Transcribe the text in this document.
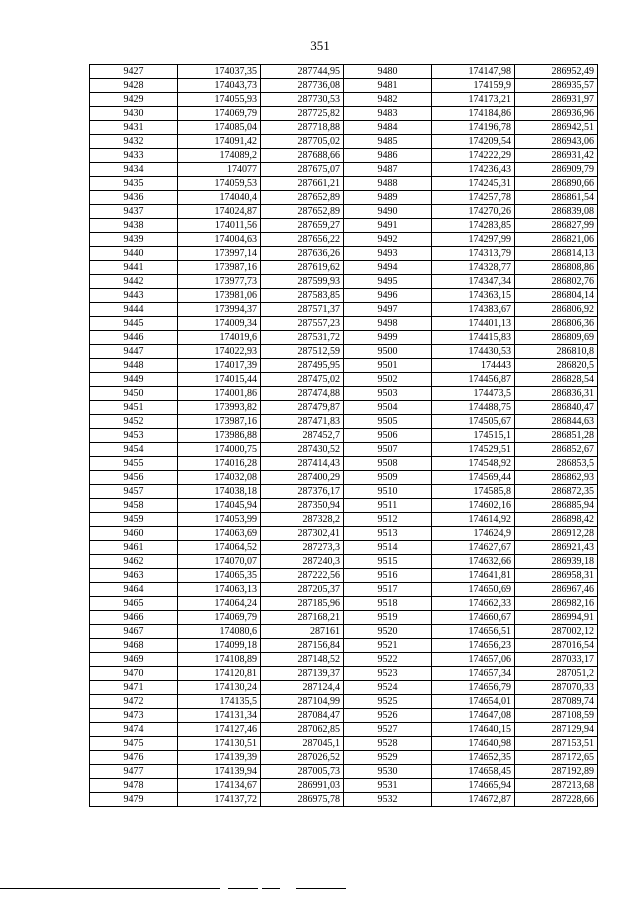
351
9427	174037,35	287744,95	9480	174147,98	286952,49
9428	174043,73	287736,08	9481	174159,9	286935,57
9429	174055,93	287730,53	9482	174173,21	286931,97
9430	174069,79	287725,82	9483	174184,86	286936,96
9431	174085,04	287718,88	9484	174196,78	286942,51
9432	174091,42	287705,02	9485	174209,54	286943,06
9433	174089,2	287688,66	9486	174222,29	286931,42
9434	174077	287675,07	9487	174236,43	286909,79
9435	174059,53	287661,21	9488	174245,31	286890,66
9436	174040,4	287652,89	9489	174257,78	286861,54
9437	174024,87	287652,89	9490	174270,26	286839,08
9438	174011,56	287659,27	9491	174283,85	286827,99
9439	174004,63	287656,22	9492	174297,99	286821,06
9440	173997,14	287636,26	9493	174313,79	286814,13
9441	173987,16	287619,62	9494	174328,77	286808,86
9442	173977,73	287599,93	9495	174347,34	286802,76
9443	173981,06	287583,85	9496	174363,15	286804,14
9444	173994,37	287571,37	9497	174383,67	286806,92
9445	174009,34	287557,23	9498	174401,13	286806,36
9446	174019,6	287531,72	9499	174415,83	286809,69
9447	174022,93	287512,59	9500	174430,53	286810,8
9448	174017,39	287495,95	9501	174443	286820,5
9449	174015,44	287475,02	9502	174456,87	286828,54
9450	174001,86	287474,88	9503	174473,5	286836,31
9451	173993,82	287479,87	9504	174488,75	286840,47
9452	173987,16	287471,83	9505	174505,67	286844,63
9453	173986,88	287452,7	9506	174515,1	286851,28
9454	174000,75	287430,52	9507	174529,51	286852,67
9455	174016,28	287414,43	9508	174548,92	286853,5
9456	174032,08	287400,29	9509	174569,44	286862,93
9457	174038,18	287376,17	9510	174585,8	286872,35
9458	174045,94	287350,94	9511	174602,16	286885,94
9459	174053,99	287328,2	9512	174614,92	286898,42
9460	174063,69	287302,41	9513	174624,9	286912,28
9461	174064,52	287273,3	9514	174627,67	286921,43
9462	174070,07	287240,3	9515	174632,66	286939,18
9463	174065,35	287222,56	9516	174641,81	286958,31
9464	174063,13	287205,37	9517	174650,69	286967,46
9465	174064,24	287185,96	9518	174662,33	286982,16
9466	174069,79	287168,21	9519	174660,67	286994,91
9467	174080,6	287161	9520	174656,51	287002,12
9468	174099,18	287156,84	9521	174656,23	287016,54
9469	174108,89	287148,52	9522	174657,06	287033,17
9470	174120,81	287139,37	9523	174657,34	287051,2
9471	174130,24	287124,4	9524	174656,79	287070,33
9472	174135,5	287104,99	9525	174654,01	287089,74
9473	174131,34	287084,47	9526	174647,08	287108,59
9474	174127,46	287062,85	9527	174640,15	287129,94
9475	174130,51	287045,1	9528	174640,98	287153,51
9476	174139,39	287026,52	9529	174652,35	287172,65
9477	174139,94	287005,73	9530	174658,45	287192,89
9478	174134,67	286991,03	9531	174665,94	287213,68
9479	174137,72	286975,78	9532	174672,87	287228,66
